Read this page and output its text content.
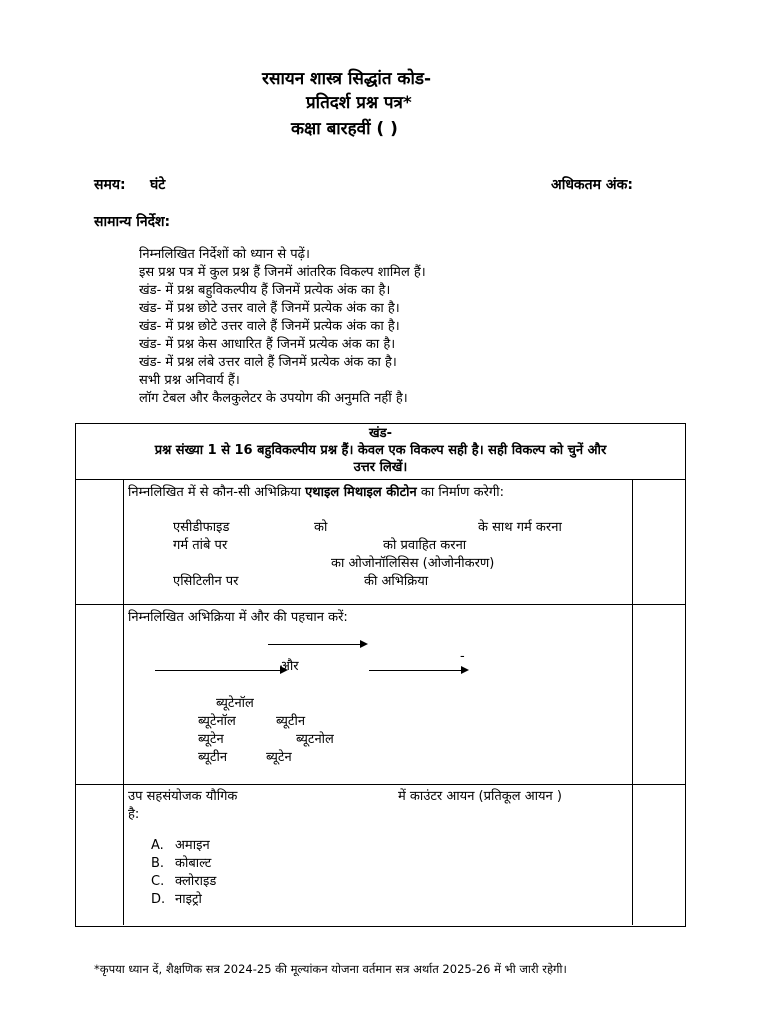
रसायन शास्त्र सिद्धांत कोड-
प्रतिदर्श प्रश्न पत्र*
कक्षा बारहवीं ( )
समय: घंटे	अधिकतम अंक:
सामान्य निर्देश:
निम्नलिखित निर्देशों को ध्यान से पढ़ें।
इस प्रश्न पत्र में कुल प्रश्न हैं जिनमें आंतरिक विकल्प शामिल हैं।
खंड- में प्रश्न बहुविकल्पीय हैं जिनमें प्रत्येक अंक का है।
खंड- में प्रश्न छोटे उत्तर वाले हैं जिनमें प्रत्येक अंक का है।
खंड- में प्रश्न छोटे उत्तर वाले हैं जिनमें प्रत्येक अंक का है।
खंड- में प्रश्न केस आधारित हैं जिनमें प्रत्येक अंक का है।
खंड- में प्रश्न लंबे उत्तर वाले हैं जिनमें प्रत्येक अंक का है।
सभी प्रश्न अनिवार्य हैं।
लॉग टेबल और कैलकुलेटर के उपयोग की अनुमति नहीं है।
खंड-
प्रश्न संख्या 1 से 16 बहुविकल्पीय प्रश्न हैं। केवल एक विकल्प सही है। सही विकल्प को चुनें और
उत्तर लिखें।
निम्नलिखित में से कौन-सी अभिक्रिया एथाइल मिथाइल कीटोन का निर्माण करेगी:
एसीडीफाइड	को	के साथ गर्म करना
गर्म तांबे पर	को प्रवाहित करना
का ओजोनॉलिसिस (ओजोनीकरण)
एसिटिलीन पर	की अभिक्रिया
निम्नलिखित अभिक्रिया में और की पहचान करें:
और
-
ब्यूटेनॉल
ब्यूटेनॉल	ब्यूटीन
ब्यूटेन	ब्यूटनोल
ब्यूटीन	ब्यूटेन
उप सहसंयोजक यौगिक	में काउंटर आयन (प्रतिकूल आयन )
है:
A. अमाइन
B. कोबाल्ट
C. क्लोराइड
D. नाइट्रो
*कृपया ध्यान दें, शैक्षणिक सत्र 2024-25 की मूल्यांकन योजना वर्तमान सत्र अर्थात 2025-26 में भी जारी रहेगी।
